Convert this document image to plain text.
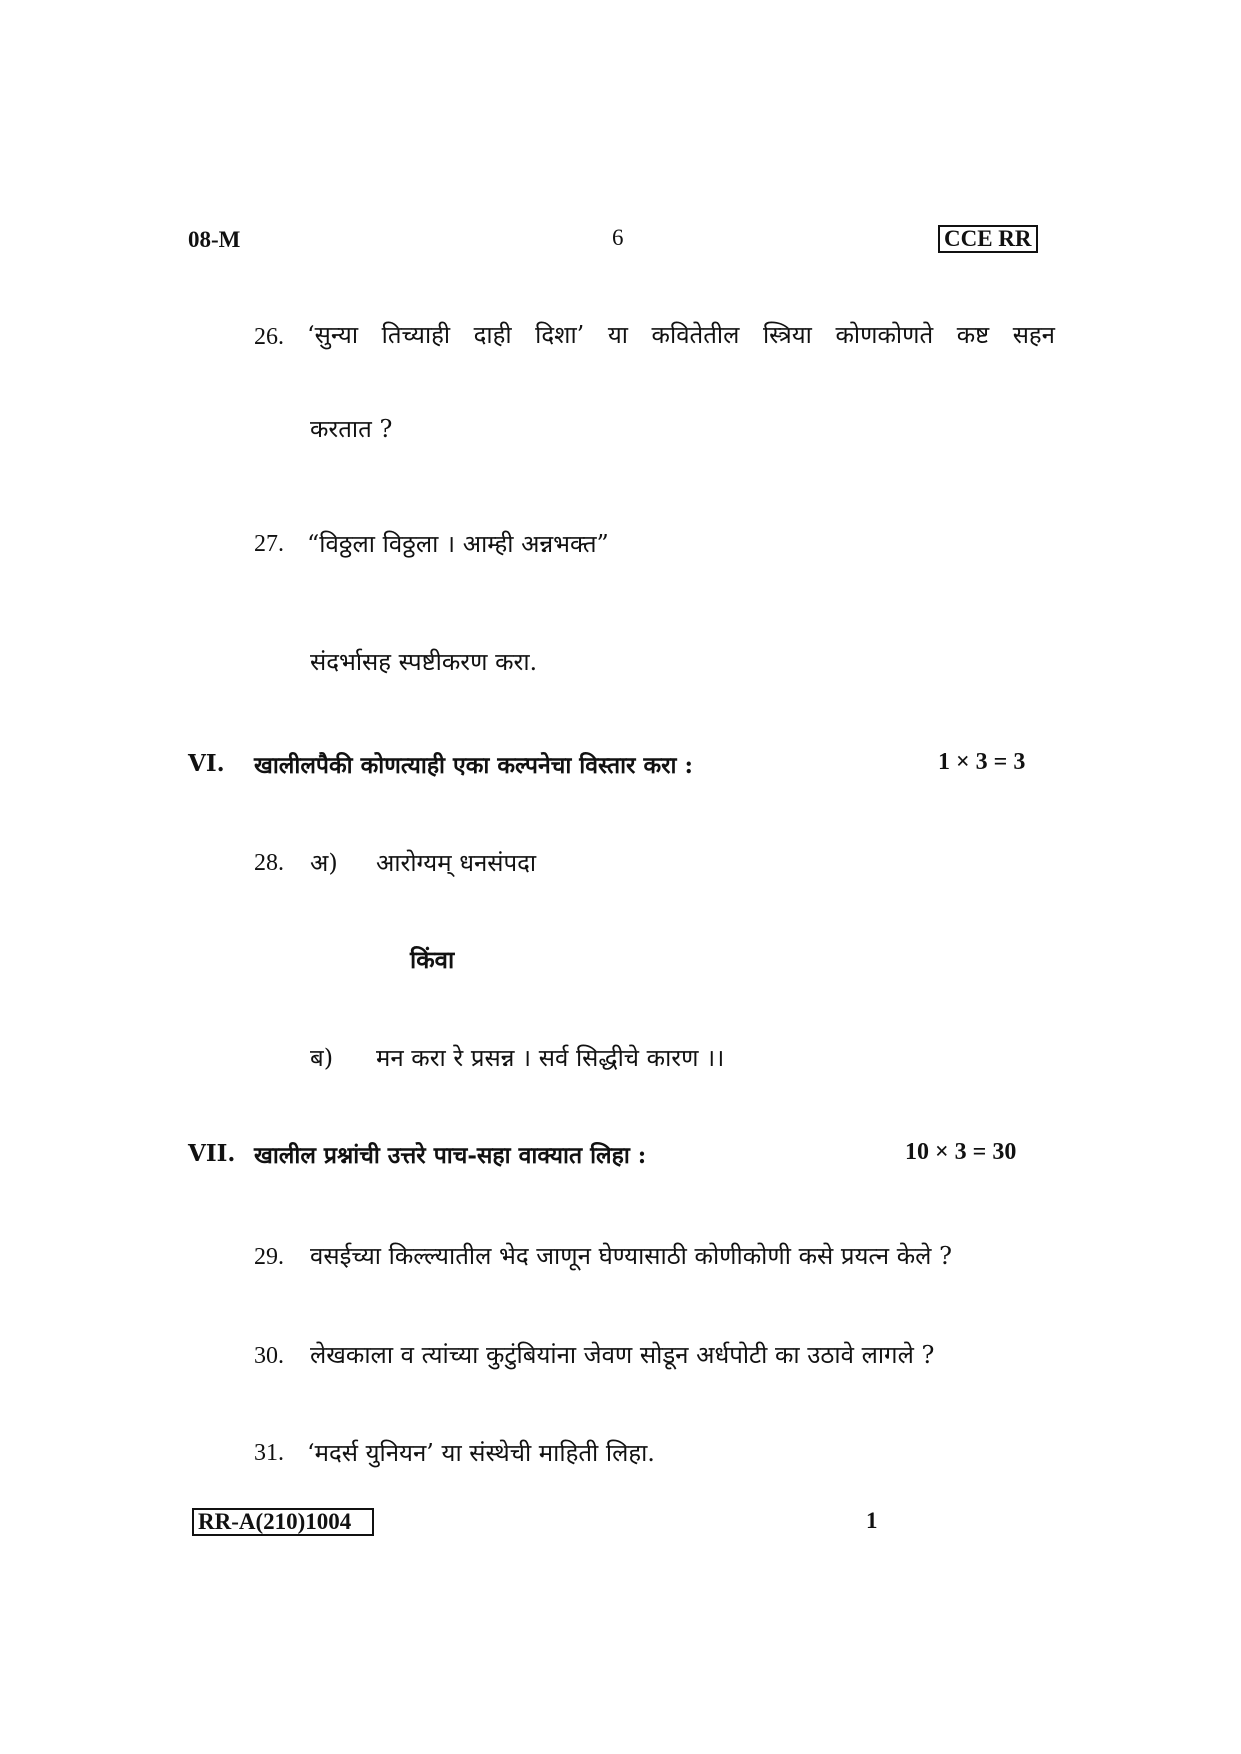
08-M	6	CCE RR
26. ‘सुन्या तिच्याही दाही दिशा’ या कवितेतील स्त्रिया कोणकोणते कष्ट सहन
करतात ?
27. “विठ्ठला विठ्ठला । आम्ही अन्नभक्त”
संदर्भासह स्पष्टीकरण करा.
VI. खालीलपैकी कोणत्याही एका कल्पनेचा विस्तार करा :	1 × 3 = 3
28. अ) आरोग्यम् धनसंपदा
किंवा
ब) मन करा रे प्रसन्न । सर्व सिद्धीचे कारण ।।
VII. खालील प्रश्नांची उत्तरे पाच-सहा वाक्यात लिहा :	10 × 3 = 30
29. वसईच्या किल्ल्यातील भेद जाणून घेण्यासाठी कोणीकोणी कसे प्रयत्न केले ?
30. लेखकाला व त्यांच्या कुटुंबियांना जेवण सोडून अर्धपोटी का उठावे लागले ?
31. ‘मदर्स युनियन’ या संस्थेची माहिती लिहा.
RR-A(210)1004	1
